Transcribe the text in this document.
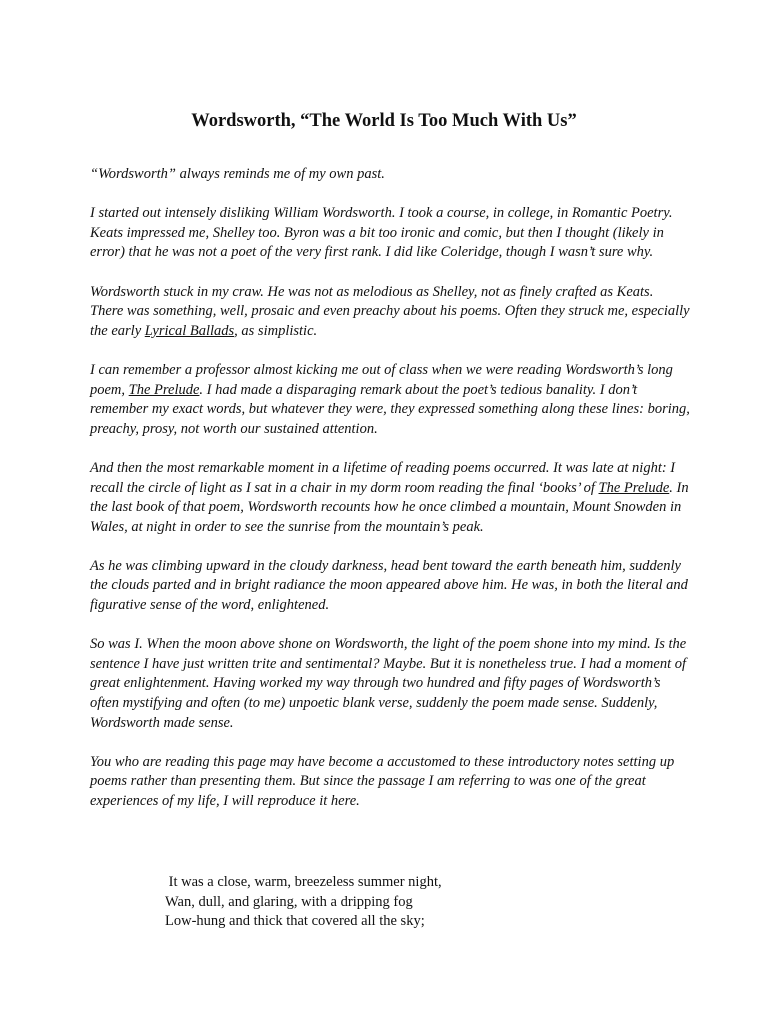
Wordsworth, “The World Is Too Much With Us”

“Wordsworth” always reminds me of my own past.

I started out intensely disliking William Wordsworth. I took a course, in college, in Romantic Poetry. Keats impressed me, Shelley too. Byron was a bit too ironic and comic, but then I thought (likely in error) that he was not a poet of the very first rank. I did like Coleridge, though I wasn’t sure why.

Wordsworth stuck in my craw. He was not as melodious as Shelley, not as finely crafted as Keats. There was something, well, prosaic and even preachy about his poems. Often they struck me, especially the early Lyrical Ballads, as simplistic.

I can remember a professor almost kicking me out of class when we were reading Wordsworth’s long poem, The Prelude. I had made a disparaging remark about the poet’s tedious banality. I don’t remember my exact words, but whatever they were, they expressed something along these lines: boring, preachy, prosy, not worth our sustained attention.

And then the most remarkable moment in a lifetime of reading poems occurred. It was late at night: I recall the circle of light as I sat in a chair in my dorm room reading the final ‘books’ of The Prelude. In the last book of that poem, Wordsworth recounts how he once climbed a mountain, Mount Snowden in Wales, at night in order to see the sunrise from the mountain’s peak.

As he was climbing upward in the cloudy darkness, head bent toward the earth beneath him, suddenly the clouds parted and in bright radiance the moon appeared above him. He was, in both the literal and figurative sense of the word, enlightened.

So was I. When the moon above shone on Wordsworth, the light of the poem shone into my mind. Is the sentence I have just written trite and sentimental? Maybe. But it is nonetheless true. I had a moment of great enlightenment. Having worked my way through two hundred and fifty pages of Wordsworth’s often mystifying and often (to me) unpoetic blank verse, suddenly the poem made sense. Suddenly, Wordsworth made sense.

You who are reading this page may have become a accustomed to these introductory notes setting up poems rather than presenting them. But since the passage I am referring to was one of the great experiences of my life, I will reproduce it here.

It was a close, warm, breezeless summer night,
Wan, dull, and glaring, with a dripping fog
Low-hung and thick that covered all the sky;
